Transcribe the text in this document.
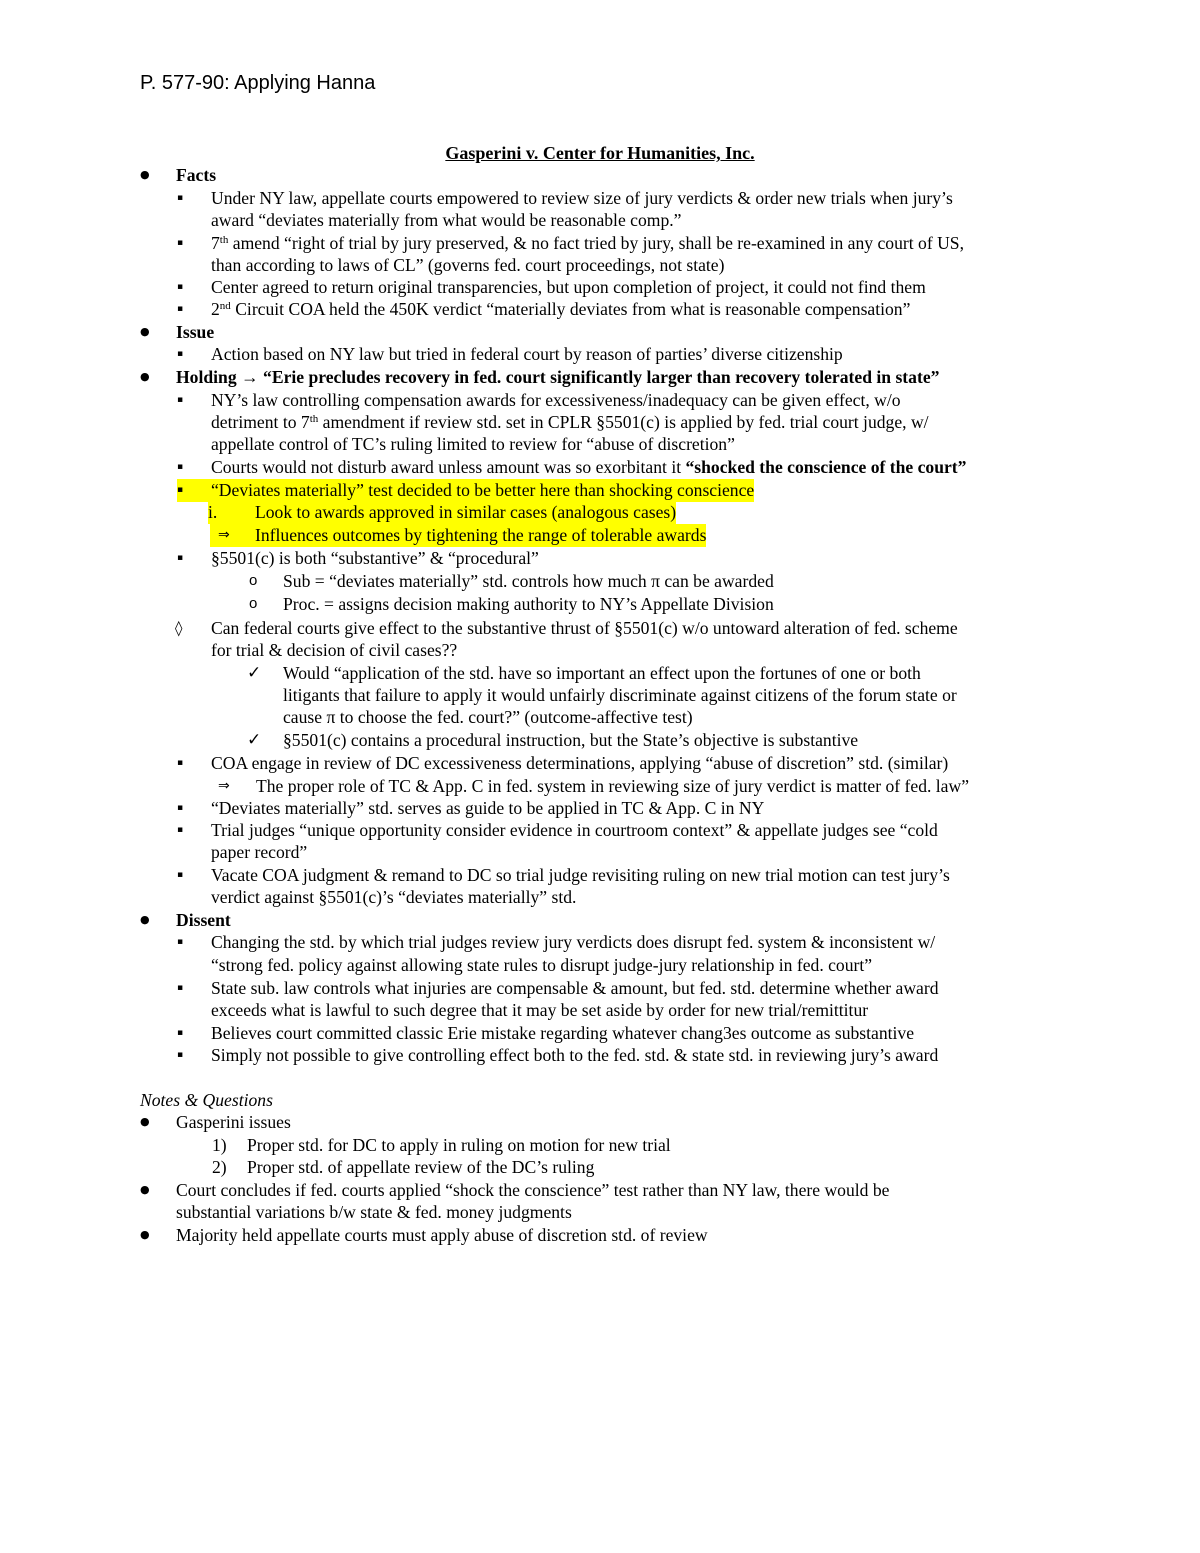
P. 577-90: Applying Hanna
Gasperini v. Center for Humanities, Inc.
● Facts
▪ Under NY law, appellate courts empowered to review size of jury verdicts & order new trials when jury’s
award “deviates materially from what would be reasonable comp.”
▪ 7th amend “right of trial by jury preserved, & no fact tried by jury, shall be re-examined in any court of US,
than according to laws of CL” (governs fed. court proceedings, not state)
▪ Center agreed to return original transparencies, but upon completion of project, it could not find them
▪ 2nd Circuit COA held the 450K verdict “materially deviates from what is reasonable compensation”
● Issue
▪ Action based on NY law but tried in federal court by reason of parties’ diverse citizenship
● Holding → “Erie precludes recovery in fed. court significantly larger than recovery tolerated in state”
▪ NY’s law controlling compensation awards for excessiveness/inadequacy can be given effect, w/o
detriment to 7th amendment if review std. set in CPLR §5501(c) is applied by fed. trial court judge, w/
appellate control of TC’s ruling limited to review for “abuse of discretion”
▪ Courts would not disturb award unless amount was so exorbitant it “shocked the conscience of the court”
▪	“Deviates materially” test decided to be better here than shocking conscience
i.	Look to awards approved in similar cases (analogous cases)
⇒	Influences outcomes by tightening the range of tolerable awards
▪ §5501(c) is both “substantive” & “procedural”
o Sub = “deviates materially” std. controls how much π can be awarded
o Proc. = assigns decision making authority to NY’s Appellate Division
◊ Can federal courts give effect to the substantive thrust of §5501(c) w/o untoward alteration of fed. scheme
for trial & decision of civil cases??
✓ Would “application of the std. have so important an effect upon the fortunes of one or both
litigants that failure to apply it would unfairly discriminate against citizens of the forum state or
cause π to choose the fed. court?” (outcome-affective test)
✓ §5501(c) contains a procedural instruction, but the State’s objective is substantive
▪ COA engage in review of DC excessiveness determinations, applying “abuse of discretion” std. (similar)
⇒ The proper role of TC & App. C in fed. system in reviewing size of jury verdict is matter of fed. law”
▪ “Deviates materially” std. serves as guide to be applied in TC & App. C in NY
▪ Trial judges “unique opportunity consider evidence in courtroom context” & appellate judges see “cold
paper record”
▪ Vacate COA judgment & remand to DC so trial judge revisiting ruling on new trial motion can test jury’s
verdict against §5501(c)’s “deviates materially” std.
● Dissent
▪ Changing the std. by which trial judges review jury verdicts does disrupt fed. system & inconsistent w/
“strong fed. policy against allowing state rules to disrupt judge-jury relationship in fed. court”
▪ State sub. law controls what injuries are compensable & amount, but fed. std. determine whether award
exceeds what is lawful to such degree that it may be set aside by order for new trial/remittitur
▪ Believes court committed classic Erie mistake regarding whatever chang3es outcome as substantive
▪ Simply not possible to give controlling effect both to the fed. std. & state std. in reviewing jury’s award
Notes & Questions
● Gasperini issues
1) Proper std. for DC to apply in ruling on motion for new trial
2) Proper std. of appellate review of the DC’s ruling
● Court concludes if fed. courts applied “shock the conscience” test rather than NY law, there would be
substantial variations b/w state & fed. money judgments
● Majority held appellate courts must apply abuse of discretion std. of review
